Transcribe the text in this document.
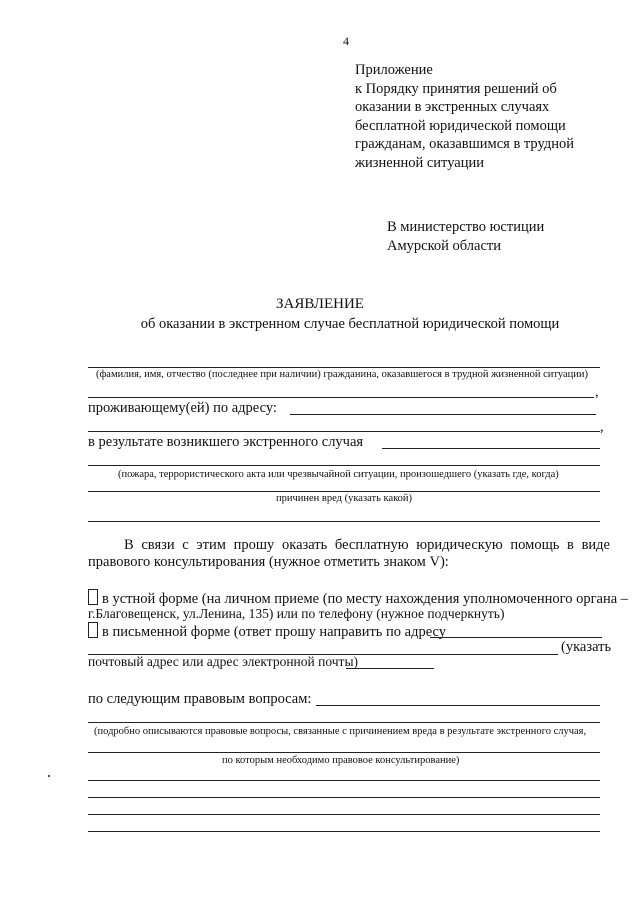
4
Приложение
к Порядку принятия решений об
оказании в экстренных случаях
бесплатной юридической помощи
гражданам, оказавшимся в трудной
жизненной ситуации
В министерство юстиции
Амурской области
ЗАЯВЛЕНИЕ
об оказании в экстренном случае бесплатной юридической помощи
(фамилия, имя, отчество (последнее при наличии) гражданина, оказавшегося в трудной жизненной ситуации)
,
проживающему(ей) по адресу:
,
в результате возникшего экстренного случая
(пожара, террористического акта или чрезвычайной ситуации, произошедшего (указать где, когда)
причинен вред (указать какой)
В связи с этим прошу оказать бесплатную юридическую помощь в виде правового консультирования (нужное отметить знаком V):
в устной форме (на личном приеме (по месту нахождения уполномоченного органа –
г.Благовещенск, ул.Ленина, 135) или по телефону (нужное подчеркнуть)
в письменной форме (ответ прошу направить по адресу
(указать
почтовый адрес или адрес электронной почты)
по следующим правовым вопросам:
(подробно описываются правовые вопросы, связанные с причинением вреда в результате экстренного случая,
по которым необходимо правовое консультирование)
